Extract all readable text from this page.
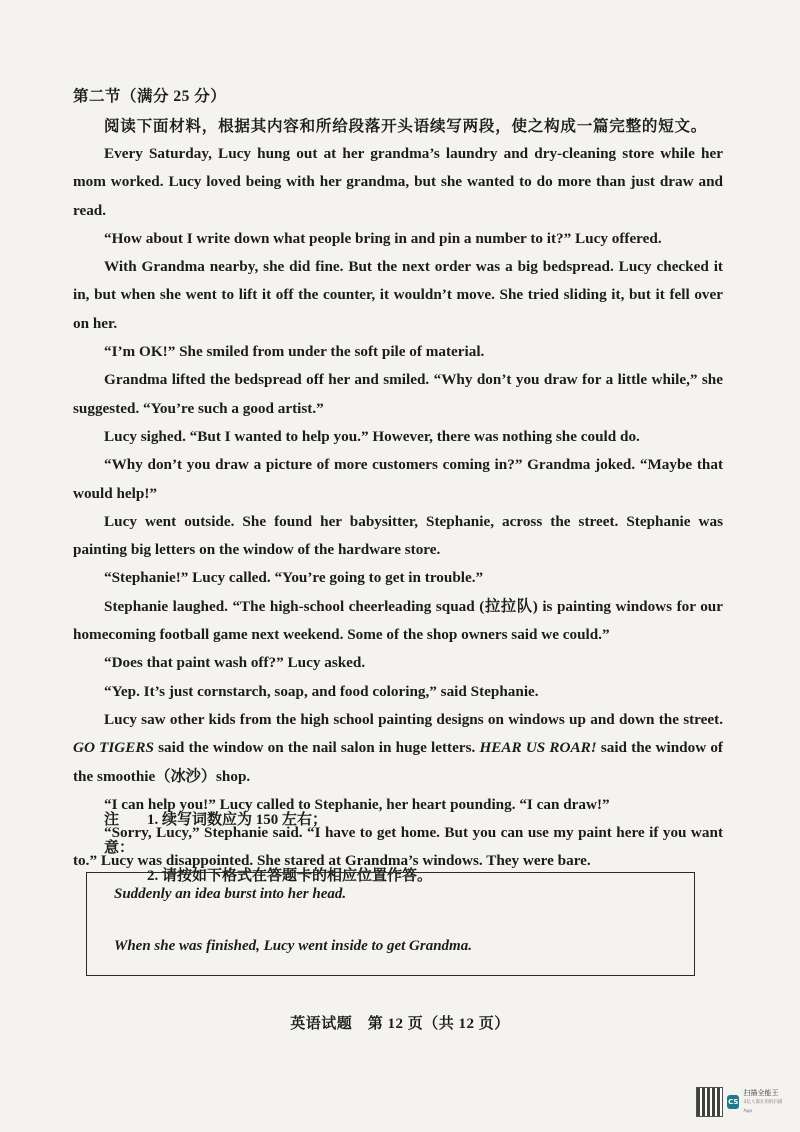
第二节（满分 25 分）
阅读下面材料，根据其内容和所给段落开头语续写两段，使之构成一篇完整的短文。

Every Saturday, Lucy hung out at her grandma’s laundry and dry-cleaning store while her mom worked. Lucy loved being with her grandma, but she wanted to do more than just draw and read.

“How about I write down what people bring in and pin a number to it?” Lucy offered.

With Grandma nearby, she did fine. But the next order was a big bedspread. Lucy checked it in, but when she went to lift it off the counter, it wouldn’t move. She tried sliding it, but it fell over on her.

“I’m OK!” She smiled from under the soft pile of material.

Grandma lifted the bedspread off her and smiled. “Why don’t you draw for a little while,” she suggested. “You’re such a good artist.”

Lucy sighed. “But I wanted to help you.” However, there was nothing she could do.

“Why don’t you draw a picture of more customers coming in?” Grandma joked. “Maybe that would help!”

Lucy went outside. She found her babysitter, Stephanie, across the street. Stephanie was painting big letters on the window of the hardware store.

“Stephanie!” Lucy called. “You’re going to get in trouble.”

Stephanie laughed. “The high-school cheerleading squad (拉拉队) is painting windows for our homecoming football game next weekend. Some of the shop owners said we could.”

“Does that paint wash off?” Lucy asked.

“Yep. It’s just cornstarch, soap, and food coloring,” said Stephanie.

Lucy saw other kids from the high school painting designs on windows up and down the street. GO TIGERS said the window on the nail salon in huge letters. HEAR US ROAR! said the window of the smoothie（冰沙）shop.

“I can help you!” Lucy called to Stephanie, her heart pounding. “I can draw!”

“Sorry, Lucy,” Stephanie said. “I have to get home. But you can use my paint here if you want to.” Lucy was disappointed. She stared at Grandma’s windows. They were bare.

注意：
1. 续写词数应为 150 左右；
2. 请按如下格式在答题卡的相应位置作答。
Suddenly an idea burst into her head.
When she was finished, Lucy went inside to get Grandma.
英语试题　第 12 页（共 12 页）
CS
扫描全能王
3亿人都在用的扫描App
